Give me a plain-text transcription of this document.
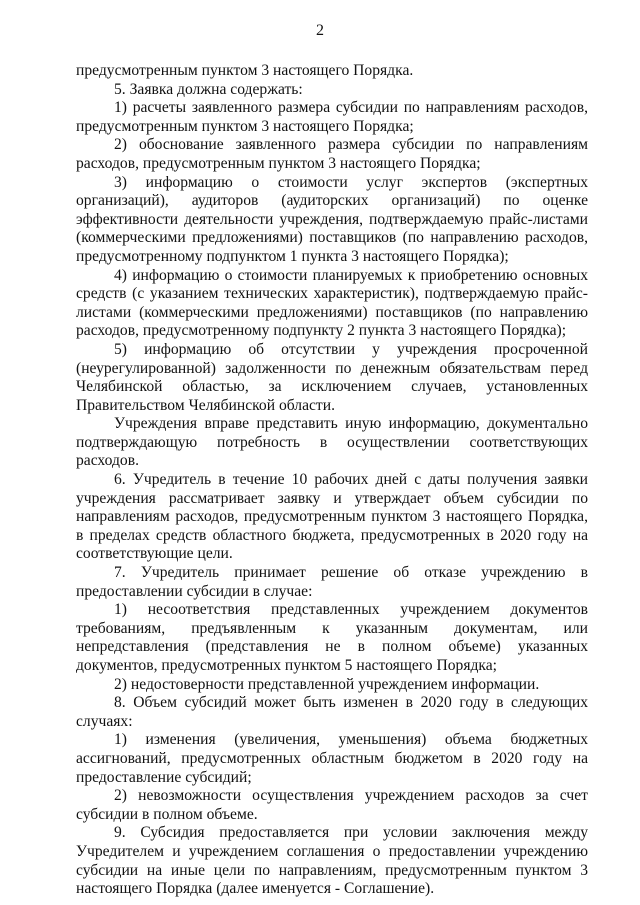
2

предусмотренным пунктом 3 настоящего Порядка.

5. Заявка должна содержать:

1) расчеты заявленного размера субсидии по направлениям расходов, предусмотренным пунктом 3 настоящего Порядка;

2) обоснование заявленного размера субсидии по направлениям расходов, предусмотренным пунктом 3 настоящего Порядка;

3) информацию о стоимости услуг экспертов (экспертных организаций), аудиторов (аудиторских организаций) по оценке эффективности деятельности учреждения, подтверждаемую прайс-листами (коммерческими предложениями) поставщиков (по направлению расходов, предусмотренному подпунктом 1 пункта 3 настоящего Порядка);

4) информацию о стоимости планируемых к приобретению основных средств (с указанием технических характеристик), подтверждаемую прайс-листами (коммерческими предложениями) поставщиков (по направлению расходов, предусмотренному подпункту 2 пункта 3 настоящего Порядка);

5) информацию об отсутствии у учреждения просроченной (неурегулированной) задолженности по денежным обязательствам перед Челябинской областью, за исключением случаев, установленных Правительством Челябинской области.

Учреждения вправе представить иную информацию, документально подтверждающую потребность в осуществлении соответствующих расходов.

6. Учредитель в течение 10 рабочих дней с даты получения заявки учреждения рассматривает заявку и утверждает объем субсидии по направлениям расходов, предусмотренным пунктом 3 настоящего Порядка, в пределах средств областного бюджета, предусмотренных в 2020 году на соответствующие цели.

7. Учредитель принимает решение об отказе учреждению в предоставлении субсидии в случае:

1) несоответствия представленных учреждением документов требованиям, предъявленным к указанным документам, или непредставления (представления не в полном объеме) указанных документов, предусмотренных пунктом 5 настоящего Порядка;

2) недостоверности представленной учреждением информации.

8. Объем субсидий может быть изменен в 2020 году в следующих случаях:

1) изменения (увеличения, уменьшения) объема бюджетных ассигнований, предусмотренных областным бюджетом в 2020 году на предоставление субсидий;

2) невозможности осуществления учреждением расходов за счет субсидии в полном объеме.

9. Субсидия предоставляется при условии заключения между Учредителем и учреждением соглашения о предоставлении учреждению субсидии на иные цели по направлениям, предусмотренным пунктом 3 настоящего Порядка (далее именуется - Соглашение).
